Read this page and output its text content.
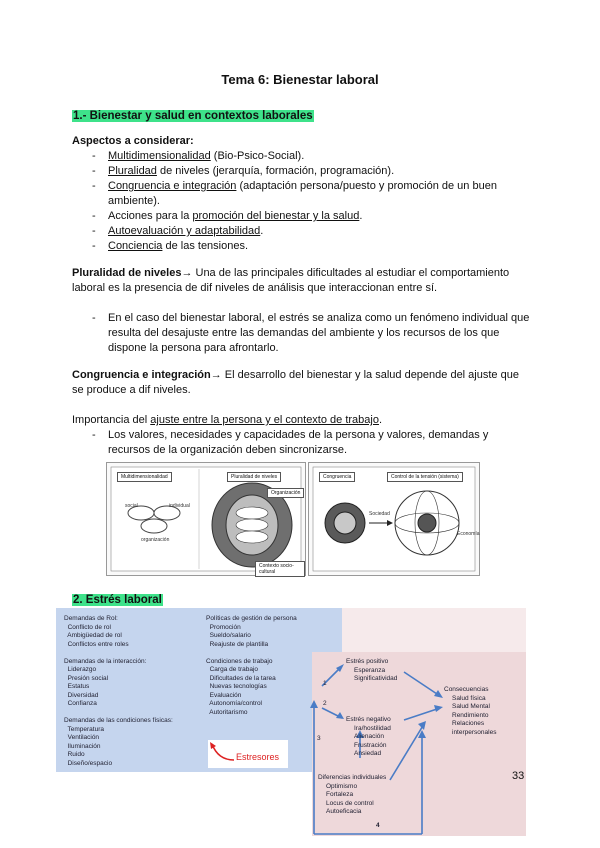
Tema 6: Bienestar laboral
1.- Bienestar y salud en contextos laborales
Aspectos a considerar:
- Multidimensionalidad (Bio-Psico-Social).
- Pluralidad de niveles (jerarquía, formación, programación).
- Congruencia e integración (adaptación persona/puesto y promoción de un buen ambiente).
- Acciones para la promoción del bienestar y la salud.
- Autoevaluación y adaptabilidad.
- Conciencia de las tensiones.
Pluralidad de niveles→ Una de las principales dificultades al estudiar el comportamiento laboral es la presencia de dif niveles de análisis que interaccionan entre sí.
- En el caso del bienestar laboral, el estrés se analiza como un fenómeno individual que resulta del desajuste entre las demandas del ambiente y los recursos de los que dispone la persona para afrontarlo.
Congruencia e integración→ El desarrollo del bienestar y la salud depende del ajuste que se produce a dif niveles.
Importancia del ajuste entre la persona y el contexto de trabajo.
- Los valores, necesidades y capacidades de la persona y valores, demandas y recursos de la organización deben sincronizarse.
Multidimensionalidad	Pluralidad de niveles
Organización
Contexto socio-cultural
social	individual
organización
Congruencia	Control de la tensión (sistema)
Sociedad
Economía
2. Estrés laboral
Demandas de Rol:
Conflicto de rol
Ambigüedad de rol
Conflictos entre roles

Demandas de la interacción:
Liderazgo
Presión social
Estatus
Diversidad
Confianza

Demandas de las condiciones físicas:
Temperatura
Ventilación
Iluminación
Ruido
Diseño/espacio
Políticas de gestión de persona
Promoción
Sueldo/salario
Reajuste de plantilla

Condiciones de trabajo
Carga de trabajo
Dificultades de la tarea
Nuevas tecnologías
Evaluación
Autonomía/control
Autoritarismo
Estresores
1
2
3
4
Estrés positivo
Esperanza
Significatividad
Estrés negativo
Ira/hostilidad
Alienación
Frustración
Ansiedad
Consecuencias
Salud física
Salud Mental
Rendimiento
Relaciones interpersonales
Diferencias individuales
Optimismo
Fortaleza
Locus de control
Autoeficacia
33
